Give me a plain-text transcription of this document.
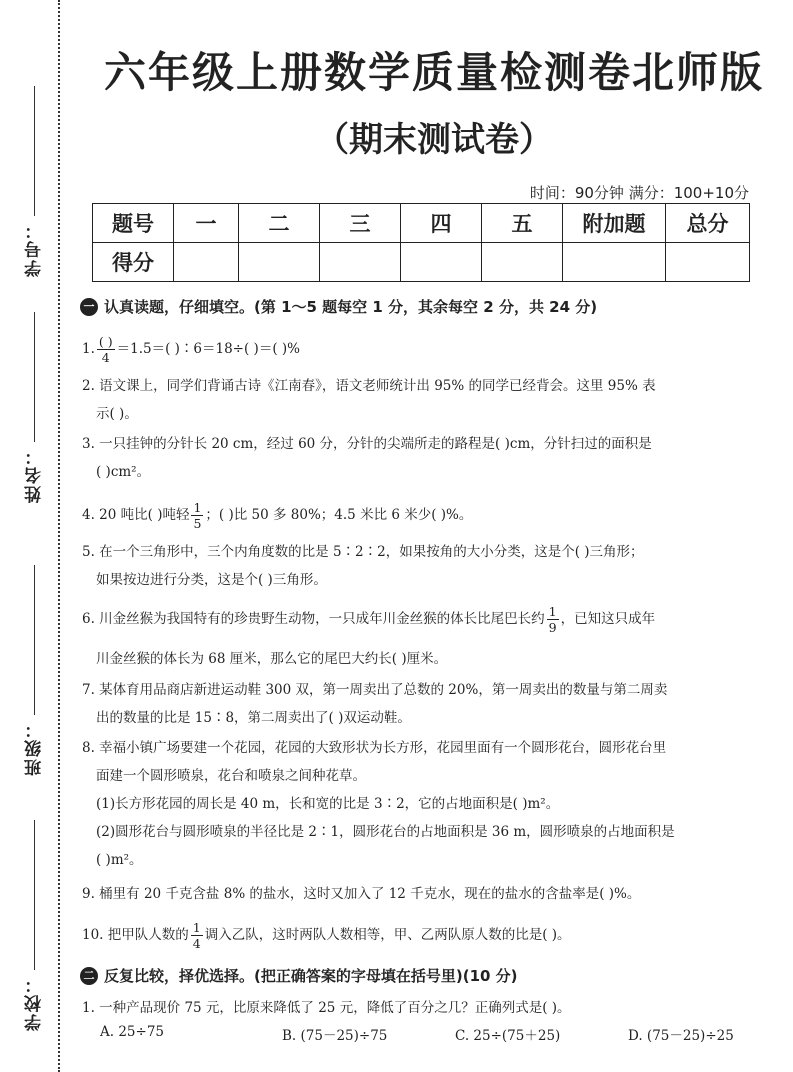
学号：
姓名：
班级：
学校：
六年级上册数学质量检测卷北师版
（期末测试卷）
时间：90分钟 满分：100+10分
题号	一	二	三	四	五	附加题	总分
得分							
一 认真读题，仔细填空。(第 1～5 题每空 1 分，其余每空 2 分，共 24 分)
1. $\frac{( )}{4} =1.5=$( )∶6＝18÷( )＝( )%
2. 语文课上，同学们背诵古诗《江南春》，语文老师统计出 95% 的同学已经背会。这里 95% 表
示( )。
3. 一只挂钟的分针长 20 cm，经过 60 分，分针的尖端所走的路程是( )cm，分针扫过的面积是
( )cm²。
4. 20 吨比( )吨轻 $\frac{1}{5}$ ；( )比 50 多 80%；4.5 米比 6 米少( )%。
5. 在一个三角形中，三个内角度数的比是 5∶2∶2，如果按角的大小分类，这是个( )三角形；
如果按边进行分类，这是个( )三角形。
6. 川金丝猴为我国特有的珍贵野生动物，一只成年川金丝猴的体长比尾巴长约 $\frac{1}{9}$ ，已知这只成年
川金丝猴的体长为 68 厘米，那么它的尾巴大约长( )厘米。
7. 某体育用品商店新进运动鞋 300 双，第一周卖出了总数的 20%，第一周卖出的数量与第二周卖
出的数量的比是 15∶8，第二周卖出了( )双运动鞋。
8. 幸福小镇广场要建一个花园，花园的大致形状为长方形，花园里面有一个圆形花台，圆形花台里
面建一个圆形喷泉，花台和喷泉之间种花草。
(1)长方形花园的周长是 40 m，长和宽的比是 3∶2，它的占地面积是( )m²。
(2)圆形花台与圆形喷泉的半径比是 2∶1，圆形花台的占地面积是 36 m，圆形喷泉的占地面积是
( )m²。
9. 桶里有 20 千克含盐 8% 的盐水，这时又加入了 12 千克水，现在的盐水的含盐率是( )%。
10. 把甲队人数的 $\frac{1}{4}$ 调入乙队，这时两队人数相等，甲、乙两队原人数的比是( )。
二 反复比较，择优选择。(把正确答案的字母填在括号里)(10 分)
1. 一种产品现价 75 元，比原来降低了 25 元，降低了百分之几？正确列式是( )。
A. 25÷75	B. (75－25)÷75	C. 25÷(75＋25)	D. (75－25)÷25
